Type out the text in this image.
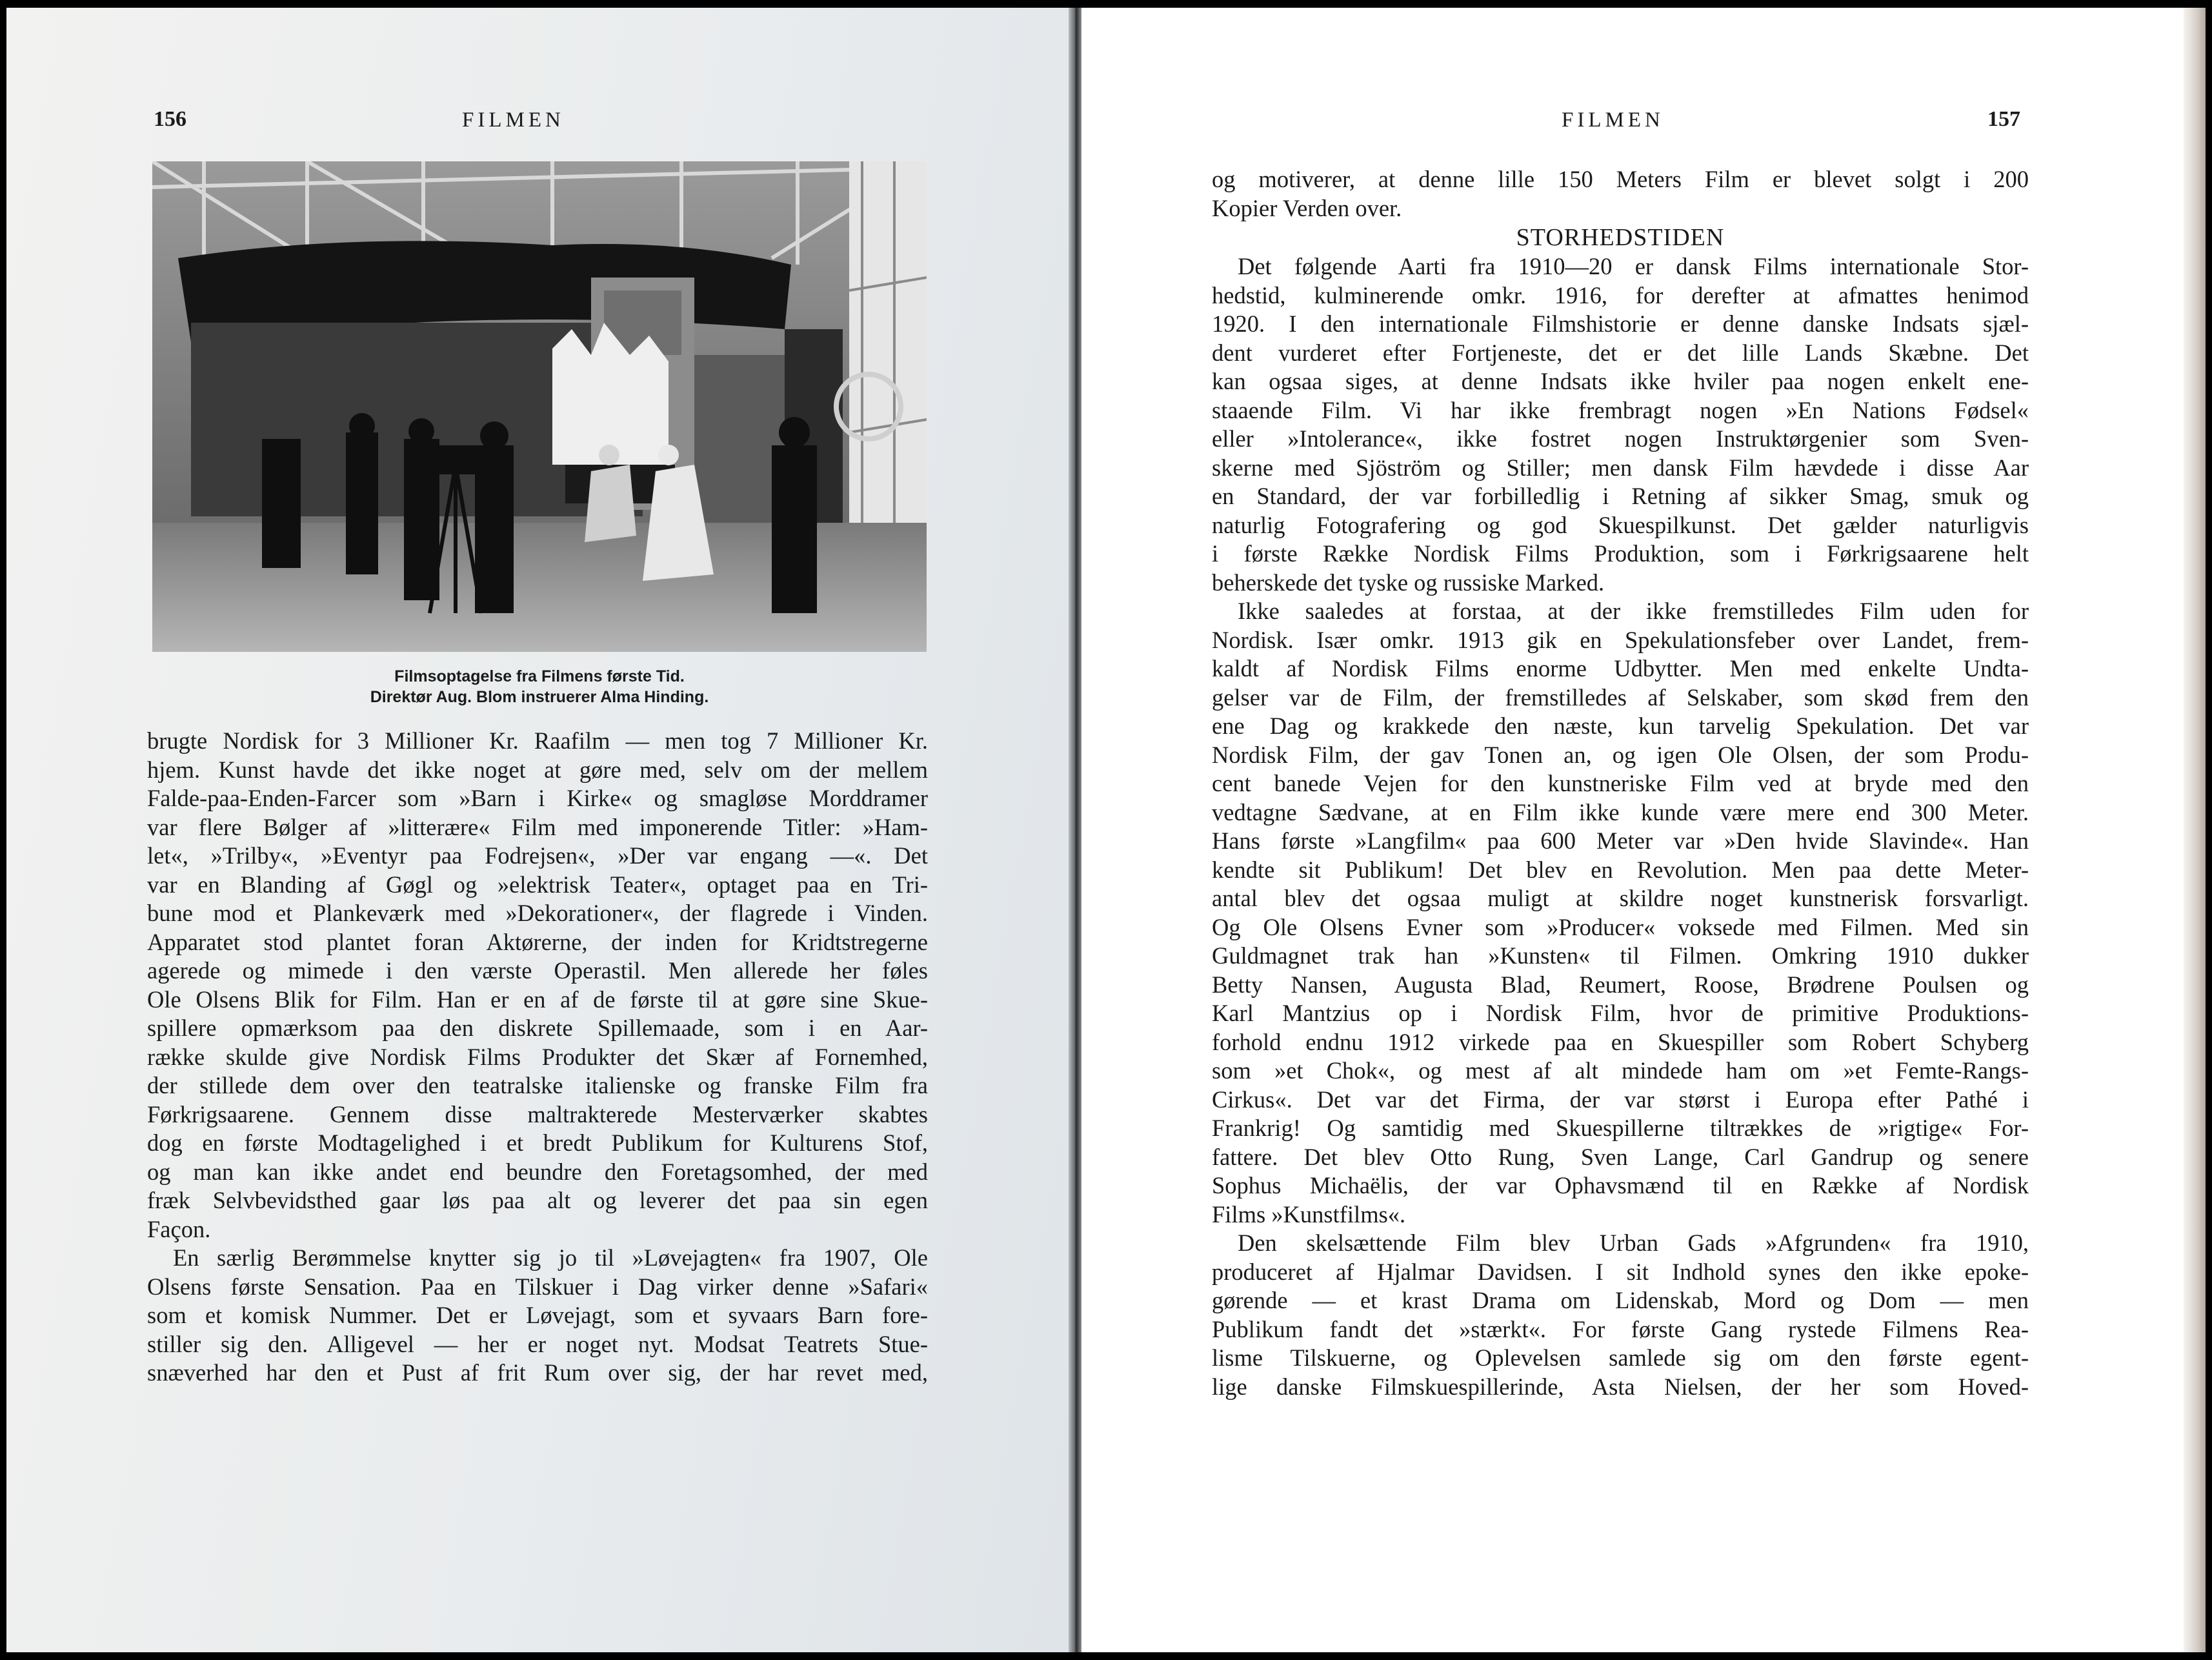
156	FILMEN
Filmsoptagelse fra Filmens første Tid.
Direktør Aug. Blom instruerer Alma Hinding.
brugte Nordisk for 3 Millioner Kr. Raafilm — men tog 7 Millioner Kr.
hjem. Kunst havde det ikke noget at gøre med, selv om der mellem
Falde-paa-Enden-Farcer som »Barn i Kirke« og smagløse Morddramer
var flere Bølger af »litterære« Film med imponerende Titler: »Ham-
let«, »Trilby«, »Eventyr paa Fodrejsen«, »Der var engang —«. Det
var en Blanding af Gøgl og »elektrisk Teater«, optaget paa en Tri-
bune mod et Plankeværk med »Dekorationer«, der flagrede i Vinden.
Apparatet stod plantet foran Aktørerne, der inden for Kridtstregerne
agerede og mimede i den værste Operastil. Men allerede her føles
Ole Olsens Blik for Film. Han er en af de første til at gøre sine Skue-
spillere opmærksom paa den diskrete Spillemaade, som i en Aar-
række skulde give Nordisk Films Produkter det Skær af Fornemhed,
der stillede dem over den teatralske italienske og franske Film fra
Førkrigsaarene. Gennem disse maltrakterede Mesterværker skabtes
dog en første Modtagelighed i et bredt Publikum for Kulturens Stof,
og man kan ikke andet end beundre den Foretagsomhed, der med
fræk Selvbevidsthed gaar løs paa alt og leverer det paa sin egen
Façon.
En særlig Berømmelse knytter sig jo til »Løvejagten« fra 1907, Ole
Olsens første Sensation. Paa en Tilskuer i Dag virker denne »Safari«
som et komisk Nummer. Det er Løvejagt, som et syvaars Barn fore-
stiller sig den. Alligevel — her er noget nyt. Modsat Teatrets Stue-
snæverhed har den et Pust af frit Rum over sig, der har revet med,
FILMEN	157
og motiverer, at denne lille 150 Meters Film er blevet solgt i 200
Kopier Verden over.
STORHEDSTIDEN
Det følgende Aarti fra 1910—20 er dansk Films internationale Stor-
hedstid, kulminerende omkr. 1916, for derefter at afmattes henimod
1920. I den internationale Filmshistorie er denne danske Indsats sjæl-
dent vurderet efter Fortjeneste, det er det lille Lands Skæbne. Det
kan ogsaa siges, at denne Indsats ikke hviler paa nogen enkelt ene-
staaende Film. Vi har ikke frembragt nogen »En Nations Fødsel«
eller »Intolerance«, ikke fostret nogen Instruktørgenier som Sven-
skerne med Sjöström og Stiller; men dansk Film hævdede i disse Aar
en Standard, der var forbilledlig i Retning af sikker Smag, smuk og
naturlig Fotografering og god Skuespilkunst. Det gælder naturligvis
i første Række Nordisk Films Produktion, som i Førkrigsaarene helt
beherskede det tyske og russiske Marked.
Ikke saaledes at forstaa, at der ikke fremstilledes Film uden for
Nordisk. Især omkr. 1913 gik en Spekulationsfeber over Landet, frem-
kaldt af Nordisk Films enorme Udbytter. Men med enkelte Undta-
gelser var de Film, der fremstilledes af Selskaber, som skød frem den
ene Dag og krakkede den næste, kun tarvelig Spekulation. Det var
Nordisk Film, der gav Tonen an, og igen Ole Olsen, der som Produ-
cent banede Vejen for den kunstneriske Film ved at bryde med den
vedtagne Sædvane, at en Film ikke kunde være mere end 300 Meter.
Hans første »Langfilm« paa 600 Meter var »Den hvide Slavinde«. Han
kendte sit Publikum! Det blev en Revolution. Men paa dette Meter-
antal blev det ogsaa muligt at skildre noget kunstnerisk forsvarligt.
Og Ole Olsens Evner som »Producer« voksede med Filmen. Med sin
Guldmagnet trak han »Kunsten« til Filmen. Omkring 1910 dukker
Betty Nansen, Augusta Blad, Reumert, Roose, Brødrene Poulsen og
Karl Mantzius op i Nordisk Film, hvor de primitive Produktions-
forhold endnu 1912 virkede paa en Skuespiller som Robert Schyberg
som »et Chok«, og mest af alt mindede ham om »et Femte-Rangs-
Cirkus«. Det var det Firma, der var størst i Europa efter Pathé i
Frankrig! Og samtidig med Skuespillerne tiltrækkes de »rigtige« For-
fattere. Det blev Otto Rung, Sven Lange, Carl Gandrup og senere
Sophus Michaëlis, der var Ophavsmænd til en Række af Nordisk
Films »Kunstfilms«.
Den skelsættende Film blev Urban Gads »Afgrunden« fra 1910,
produceret af Hjalmar Davidsen. I sit Indhold synes den ikke epoke-
gørende — et krast Drama om Lidenskab, Mord og Dom — men
Publikum fandt det »stærkt«. For første Gang rystede Filmens Rea-
lisme Tilskuerne, og Oplevelsen samlede sig om den første egent-
lige danske Filmskuespillerinde, Asta Nielsen, der her som Hoved-
